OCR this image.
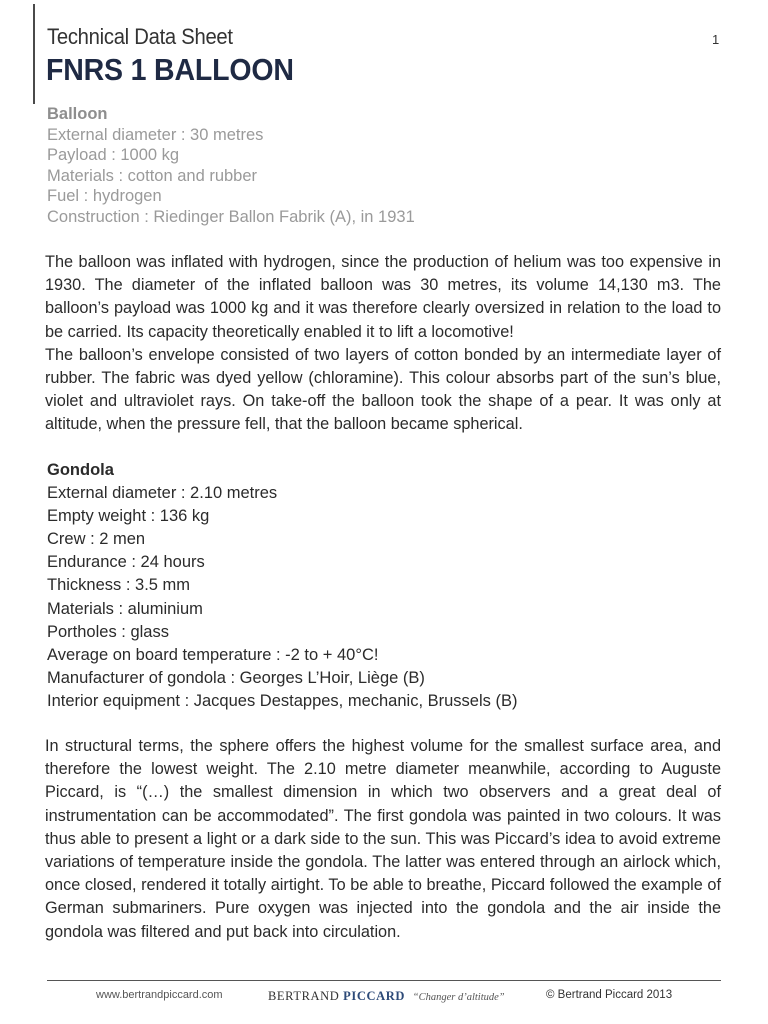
Technical Data Sheet	1
FNRS 1 BALLOON
Balloon
External diameter : 30 metres
Payload : 1000 kg
Materials : cotton and rubber
Fuel : hydrogen
Construction : Riedinger Ballon Fabrik (A), in 1931

The balloon was inflated with hydrogen, since the production of helium was too expensive in 1930. The diameter of the inflated balloon was 30 metres, its volume 14,130 m3. The balloon’s payload was 1000 kg and it was therefore clearly oversized in relation to the load to be carried. Its capacity theoretically enabled it to lift a locomotive!

The balloon’s envelope consisted of two layers of cotton bonded by an intermediate layer of rubber. The fabric was dyed yellow (chloramine). This colour absorbs part of the sun’s blue, violet and ultraviolet rays. On take-off the balloon took the shape of a pear. It was only at altitude, when the pressure fell, that the balloon became spherical.

Gondola
External diameter : 2.10 metres
Empty weight : 136 kg
Crew : 2 men
Endurance : 24 hours
Thickness : 3.5 mm
Materials : aluminium
Portholes : glass
Average on board temperature : -2 to + 40°C!
Manufacturer of gondola : Georges L’Hoir, Liège (B)
Interior equipment : Jacques Destappes, mechanic, Brussels (B)

In structural terms, the sphere offers the highest volume for the smallest surface area, and therefore the lowest weight. The 2.10 metre diameter meanwhile, according to Auguste Piccard, is “(…) the smallest dimension in which two observers and a great deal of instrumentation can be accommodated”. The first gondola was painted in two colours. It was thus able to present a light or a dark side to the sun. This was Piccard’s idea to avoid extreme variations of temperature inside the gondola. The latter was entered through an airlock which, once closed, rendered it totally airtight. To be able to breathe, Piccard followed the example of German submariners. Pure oxygen was injected into the gondola and the air inside the gondola was filtered and put back into circulation.

www.bertrandpiccard.com	BERTRAND PICCARD “Changer d’altitude”	© Bertrand Piccard 2013
